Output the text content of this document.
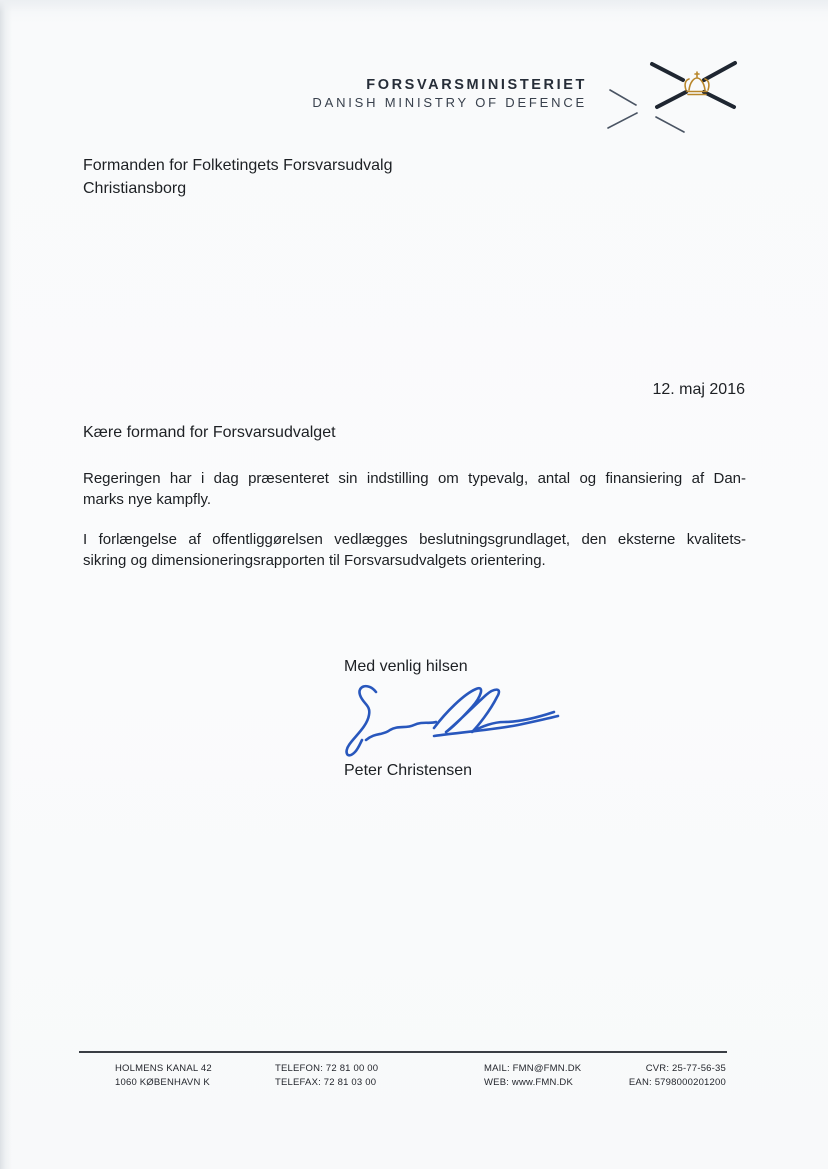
FORSVARSMINISTERIET
DANISH MINISTRY OF DEFENCE
Formanden for Folketingets Forsvarsudvalg
Christiansborg
12. maj 2016
Kære formand for Forsvarsudvalget
Regeringen har i dag præsenteret sin indstilling om typevalg, antal og finansiering af Dan-
marks nye kampfly.
I forlængelse af offentliggørelsen vedlægges beslutningsgrundlaget, den eksterne kvalitets-
sikring og dimensioneringsrapporten til Forsvarsudvalgets orientering.
Med venlig hilsen
Peter Christensen
HOLMENS KANAL 42
1060 KØBENHAVN K
TELEFON: 72 81 00 00
TELEFAX: 72 81 03 00
MAIL: FMN@FMN.DK
WEB: www.FMN.DK
CVR: 25-77-56-35
EAN: 5798000201200
